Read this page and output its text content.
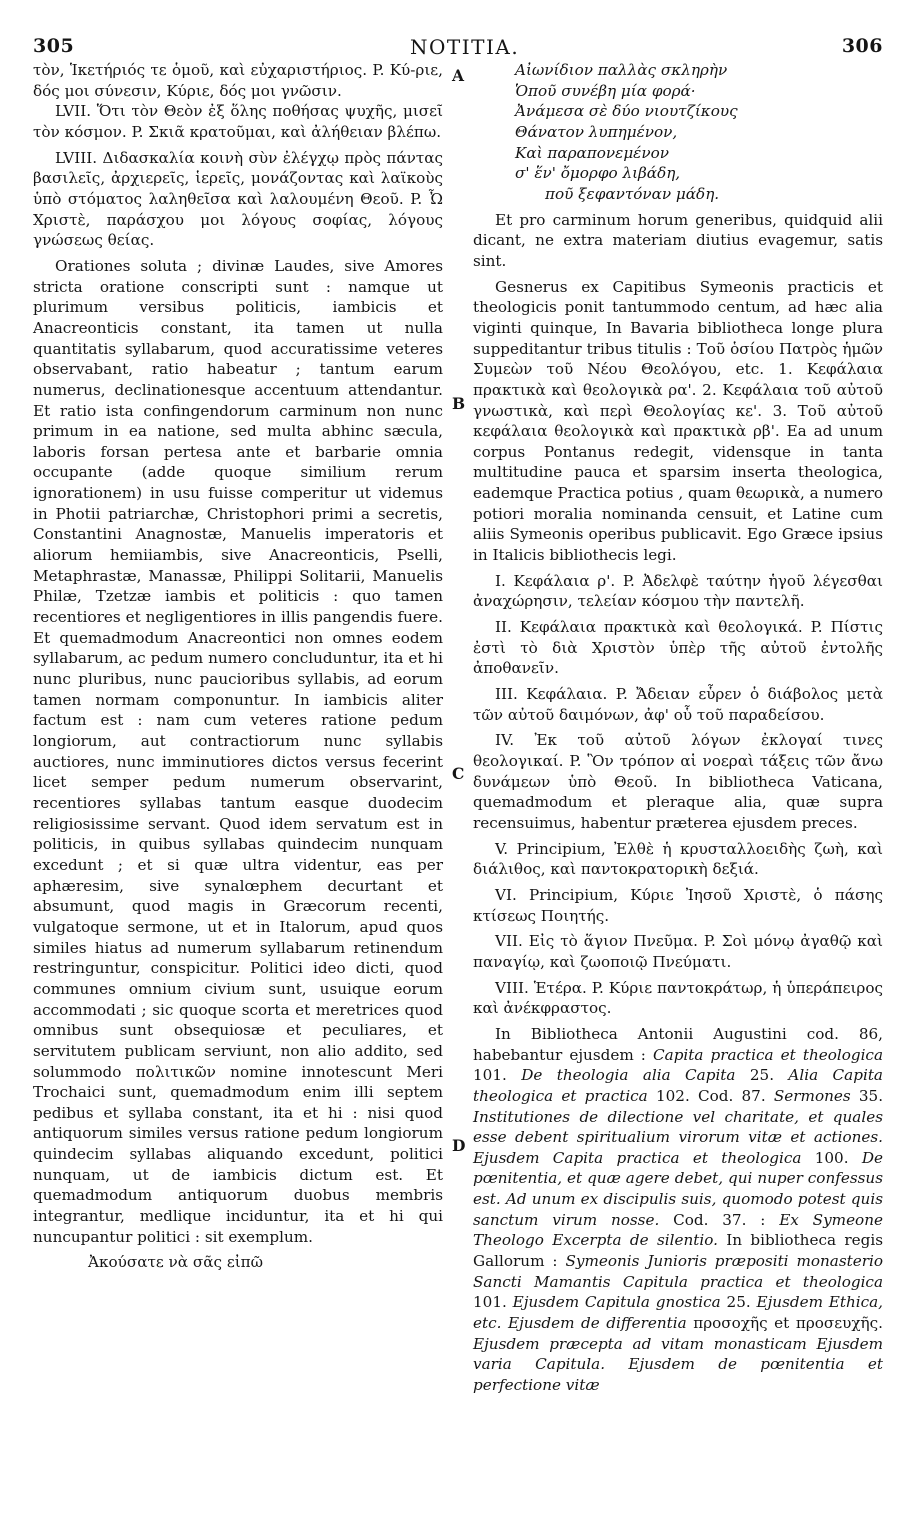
305	NOTITIA.	306
A
B
C
D

τὸν, Ἱκετήριός τε ὁμοῦ, καὶ εὐχαριστήριος. P. Κύ-ριε, δός μοι σύνεσιν, Κύριε, δός μοι γνῶσιν.

LVII. Ὅτι τὸν Θεὸν ἐξ ὅλης ποθήσας ψυχῆς, μισεῖ τὸν κόσμον. P. Σκιᾶ κρατοῦμαι, καὶ ἀλήθειαν βλέπω.

LVIII. Διδασκαλία κοινὴ σὺν ἐλέγχῳ πρὸς πάντας βασιλεῖς, ἀρχιερεῖς, ἱερεῖς, μονάζοντας καὶ λαϊκοὺς ὑπὸ στόματος λαληθεῖσα καὶ λαλουμένη Θεοῦ. P. Ὦ Χριστὲ, παράσχου μοι λόγους σοφίας, λόγους γνώσεως θείας.

Orationes soluta ; divinæ Laudes, sive Amores stricta oratione conscripti sunt : namque ut plurimum versibus politicis, iambicis et Anacreonticis constant, ita tamen ut nulla quantitatis syllabarum, quod accuratissime veteres observabant, ratio habeatur ; tantum earum numerus, declinationesque accentuum attendantur. Et ratio ista confingendorum carminum non nunc primum in ea natione, sed multa abhinc sæcula, laboris forsan pertesa ante et barbarie omnia occupante (adde quoque similium rerum ignorationem) in usu fuisse comperitur ut videmus in Photii patriarchæ, Christophori primi a secretis, Constantini Anagnostæ, Manuelis imperatoris et aliorum hemiiambis, sive Anacreonticis, Pselli, Metaphrastæ, Manassæ, Philippi Solitarii, Manuelis Philæ, Tzetzæ iambis et politicis : quo tamen recentiores et negligentiores in illis pangendis fuere. Et quemadmodum Anacreontici non omnes eodem syllabarum, ac pedum numero concluduntur, ita et hi nunc pluribus, nunc paucioribus syllabis, ad eorum tamen normam componuntur. In iambicis aliter factum est : nam cum veteres ratione pedum longiorum, aut contractiorum nunc syllabis auctiores, nunc imminutiores dictos versus fecerint licet semper pedum numerum observarint, recentiores syllabas tantum easque duodecim religiosissime servant. Quod idem servatum est in politicis, in quibus syllabas quindecim nunquam excedunt ; et si quæ ultra videntur, eas per aphæresim, sive synalœphem decurtant et absumunt, quod magis in Græcorum recenti, vulgatoque sermone, ut et in Italorum, apud quos similes hiatus ad numerum syllabarum retinendum restringuntur, conspicitur. Politici ideo dicti, quod communes omnium civium sunt, usuique eorum accommodati ; sic quoque scorta et meretrices quod omnibus sunt obsequiosæ et peculiares, et servitutem publicam serviunt, non alio addito, sed solummodo πολιτικῶν nomine innotescunt Meri Trochaici sunt, quemadmodum enim illi septem pedibus et syllaba constant, ita et hi : nisi quod antiquorum similes versus ratione pedum longiorum quindecim syllabas aliquando excedunt, politici nunquam, ut de iambicis dictum est. Et quemadmodum antiquorum duobus membris integrantur, medlique inciduntur, ita et hi qui nuncupantur politici : sit exemplum.

Ἀκούσατε νὰ σᾶς εἰπῶ

Αἰωνίδιον παλλὰς σκληρὴν
Ὁποῦ συνέβη μία φορά·
Ἀνάμεσα σὲ δύο νιουτζίκους
Θάνατον λυπημένον,
Καὶ παραπονεμένον
σ' ἕν' ὄμορφο λιβάδη,
ποῦ ξεφαντόναν μάδη.

Et pro carminum horum generibus, quidquid alii dicant, ne extra materiam diutius evagemur, satis sint.

Gesnerus ex Capitibus Symeonis practicis et theologicis ponit tantummodo centum, ad hæc alia viginti quinque, In Bavaria bibliotheca longe plura suppeditantur tribus titulis : Τοῦ ὁσίου Πατρὸς ἡμῶν Συμεὼν τοῦ Νέου Θεολόγου, etc. 1. Κεφάλαια πρακτικὰ καὶ θεολογικὰ ρα'. 2. Κεφάλαια τοῦ αὐτοῦ γνωστικὰ, καὶ περὶ Θεολογίας κε'. 3. Τοῦ αὐτοῦ κεφάλαια θεολογικὰ καὶ πρακτικὰ ρβ'. Ea ad unum corpus Pontanus redegit, vidensque in tanta multitudine pauca et sparsim inserta theologica, eademque Practica potius , quam θεωρικὰ, a numero potiori moralia nominanda censuit, et Latine cum aliis Symeonis operibus publicavit. Ego Græce ipsius in Italicis bibliothecis legi.

I. Κεφάλαια ρ'. P. Ἀδελφὲ ταύτην ἡγοῦ λέγεσθαι ἀναχώρησιν, τελείαν κόσμου τὴν παντελῆ.

II. Κεφάλαια πρακτικὰ καὶ θεολογικά. P. Πίστις ἐστὶ τὸ διὰ Χριστὸν ὑπὲρ τῆς αὐτοῦ ἐντολῆς ἀποθανεῖν.

III. Κεφάλαια. P. Ἄδειαν εὗρεν ὁ διάβολος μετὰ τῶν αὐτοῦ δαιμόνων, ἀφ' οὗ τοῦ παραδείσου.

IV. Ἐκ τοῦ αὐτοῦ λόγων ἐκλογαί τινες θεολογικαί. P. Ὃν τρόπον αἱ νοεραὶ τάξεις τῶν ἄνω δυνάμεων ὑπὸ Θεοῦ. In bibliotheca Vaticana, quemadmodum et pleraque alia, quæ supra recensuimus, habentur præterea ejusdem preces.

V. Principium, Ἐλθὲ ἡ κρυσταλλοειδὴς ζωὴ, καὶ διάλιθος, καὶ παντοκρατορικὴ δεξιά.

VI. Principium, Κύριε Ἰησοῦ Χριστὲ, ὁ πάσης κτίσεως Ποιητής.

VII. Εἰς τὸ ἅγιον Πνεῦμα. P. Σοὶ μόνῳ ἀγαθῷ καὶ παναγίῳ, καὶ ζωοποιῷ Πνεύματι.

VIII. Ἑτέρα. P. Κύριε παντοκράτωρ, ἡ ὑπεράπειρος καὶ ἀνέκφραστος.

In Bibliotheca Antonii Augustini cod. 86, habebantur ejusdem : Capita practica et theologica 101. De theologia alia Capita 25. Alia Capita theologica et practica 102. Cod. 87. Sermones 35. Institutiones de dilectione vel charitate, et quales esse debent spiritualium virorum vitæ et actiones. Ejusdem Capita practica et theologica 100. De pœnitentia, et quæ agere debet, qui nuper confessus est. Ad unum ex discipulis suis, quomodo potest quis sanctum virum nosse. Cod. 37. : Ex Symeone Theologo Excerpta de silentio. In bibliotheca regis Gallorum : Symeonis Junioris præpositi monasterio Sancti Mamantis Capitula practica et theologica 101. Ejusdem Capitula gnostica 25. Ejusdem Ethica, etc. Ejusdem de differentia προσοχῆς et προσευχῆς. Ejusdem præcepta ad vitam monasticam Ejusdem varia Capitula. Ejusdem de pœnitentia et perfectione vitæ
